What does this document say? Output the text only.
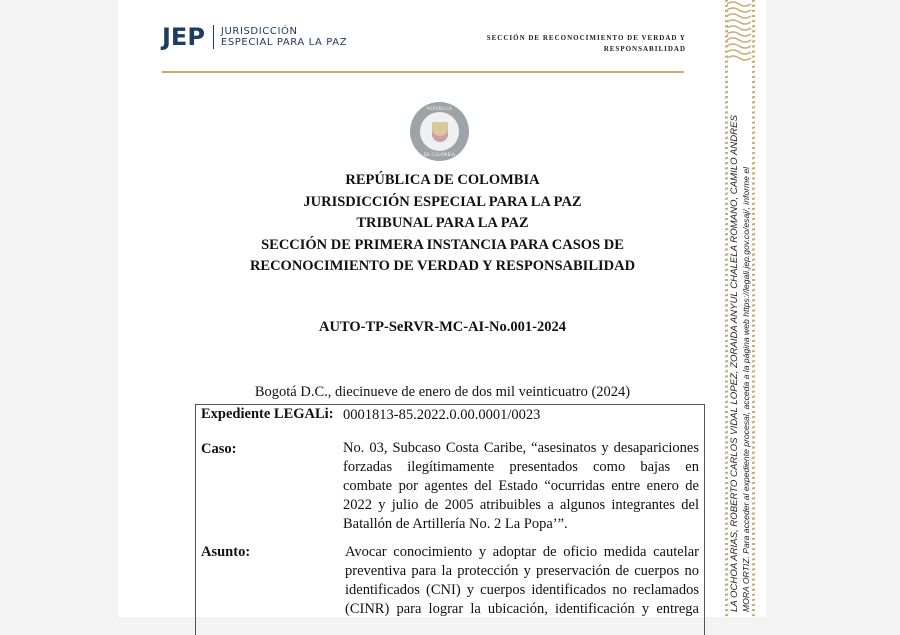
JEP JURISDICCIÓN
ESPECIAL PARA LA PAZ	SECCIÓN DE RECONOCIMIENTO DE VERDAD Y
RESPONSABILIDAD
REPÚBLICA
DE COLOMBIA
REPÚBLICA DE COLOMBIA
JURISDICCIÓN ESPECIAL PARA LA PAZ
TRIBUNAL PARA LA PAZ
SECCIÓN DE PRIMERA INSTANCIA PARA CASOS DE
RECONOCIMIENTO DE VERDAD Y RESPONSABILIDAD
AUTO-TP-SeRVR-MC-AI-No.001-2024
Bogotá D.C., diecinueve de enero de dos mil veinticuatro (2024)
Expediente LEGALi: 0001813-85.2022.0.00.0001/0023
Caso:	No. 03, Subcaso Costa Caribe, “asesinatos y desapariciones
forzadas ilegítimamente presentados como bajas en
combate por agentes del Estado “ocurridas entre enero de
2022 y julio de 2005 atribuibles a algunos integrantes del
Batallón de Artillería No. 2 La Popa’”.
Asunto:	Avocar conocimiento y adoptar de oficio medida cautelar
preventiva para la protección y preservación de cuerpos no
identificados (CNI) y cuerpos identificados no reclamados
(CINR) para lograr la ubicación, identificación y entrega	LA OCHOA ARIAS, ROBERTO CARLOS VIDAL LOPEZ, ZORAIDA ANYUL CHALELA ROMANO, CAMILO ANDRES MORA ORTIZ. Para acceder al expediente procesal, acceda a la página web https://legali.jep.gov.co/esaj/, informe el
